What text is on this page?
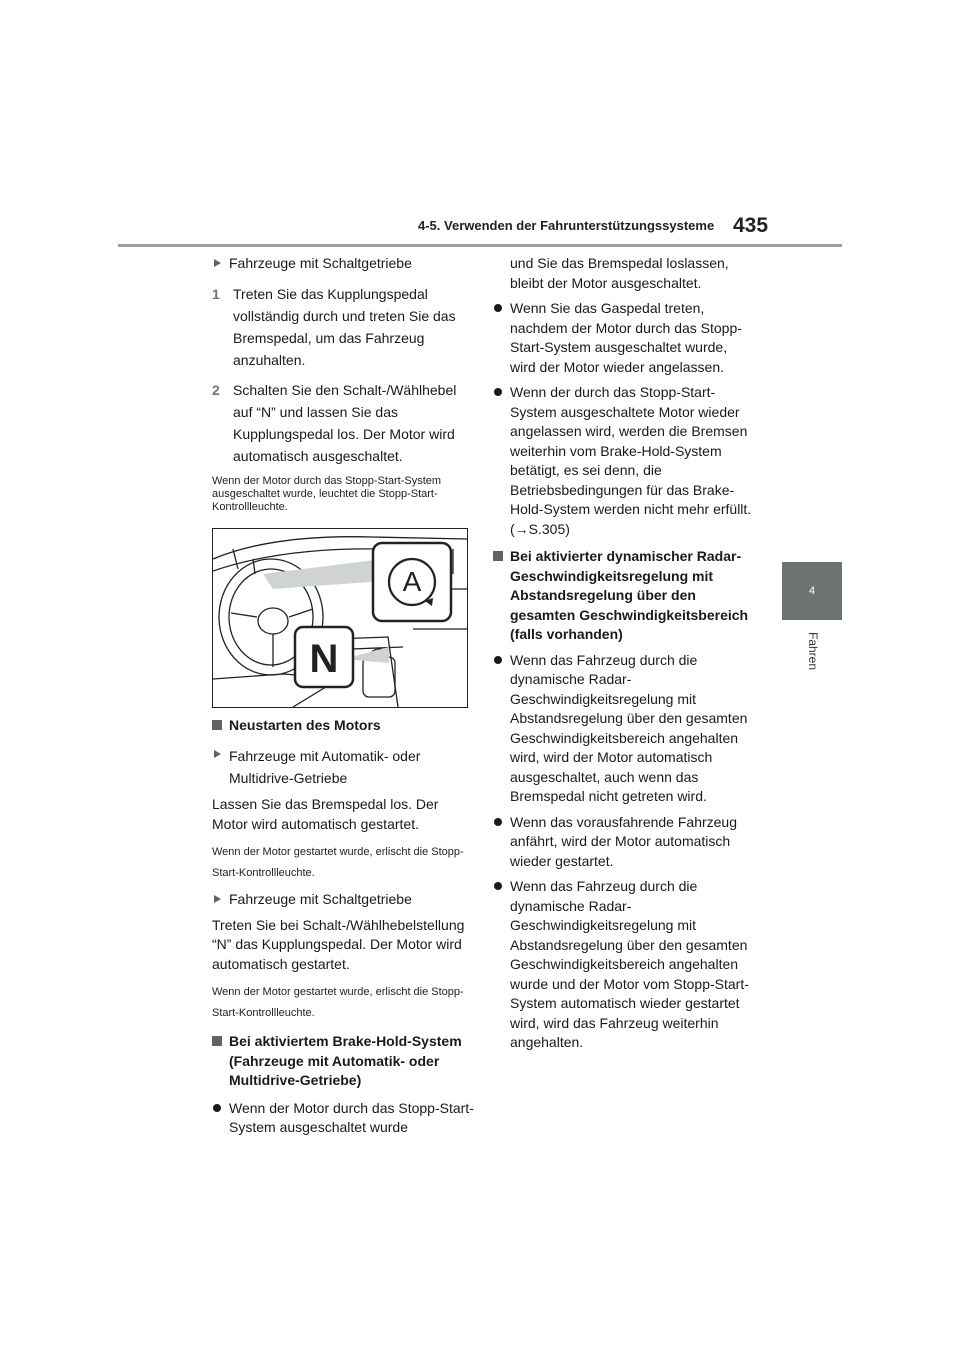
4-5. Verwenden der Fahrunterstützungssysteme 435
4
Fahren

Fahrzeuge mit Schaltgetriebe

1 Treten Sie das Kupplungspedal vollständig durch und treten Sie das Bremspedal, um das Fahrzeug anzuhalten.
2 Schalten Sie den Schalt-/Wählhebel auf “N” und lassen Sie das Kupplungspedal los. Der Motor wird automatisch ausgeschaltet.

Wenn der Motor durch das Stopp-Start-System ausgeschaltet wurde, leuchtet die Stopp-Start-Kontrollleuchte.

A
N

Neustarten des Motors

Fahrzeuge mit Automatik- oder Multidrive-Getriebe

Lassen Sie das Bremspedal los. Der Motor wird automatisch gestartet.

Wenn der Motor gestartet wurde, erlischt die Stopp-Start-Kontrollleuchte.

Fahrzeuge mit Schaltgetriebe

Treten Sie bei Schalt-/Wählhebelstellung “N” das Kupplungspedal. Der Motor wird automatisch gestartet.

Wenn der Motor gestartet wurde, erlischt die Stopp-Start-Kontrollleuchte.

Bei aktiviertem Brake-Hold-System (Fahrzeuge mit Automatik- oder Multidrive-Getriebe)

Wenn der Motor durch das Stopp-Start-System ausgeschaltet wurde

und Sie das Bremspedal loslassen, bleibt der Motor ausgeschaltet.

Wenn Sie das Gaspedal treten, nachdem der Motor durch das Stopp-Start-System ausgeschaltet wurde, wird der Motor wieder angelassen.

Wenn der durch das Stopp-Start-System ausgeschaltete Motor wieder angelassen wird, werden die Bremsen weiterhin vom Brake-Hold-System betätigt, es sei denn, die Betriebsbedingungen für das Brake-Hold-System werden nicht mehr erfüllt. (→S.305)

Bei aktivierter dynamischer Radar-Geschwindigkeitsregelung mit Abstandsregelung über den gesamten Geschwindigkeitsbereich (falls vorhanden)

Wenn das Fahrzeug durch die dynamische Radar-Geschwindigkeitsregelung mit Abstandsregelung über den gesamten Geschwindigkeitsbereich angehalten wird, wird der Motor automatisch ausgeschaltet, auch wenn das Bremspedal nicht getreten wird.

Wenn das vorausfahrende Fahrzeug anfährt, wird der Motor automatisch wieder gestartet.

Wenn das Fahrzeug durch die dynamische Radar-Geschwindigkeitsregelung mit Abstandsregelung über den gesamten Geschwindigkeitsbereich angehalten wurde und der Motor vom Stopp-Start-System automatisch wieder gestartet wird, wird das Fahrzeug weiterhin angehalten.
